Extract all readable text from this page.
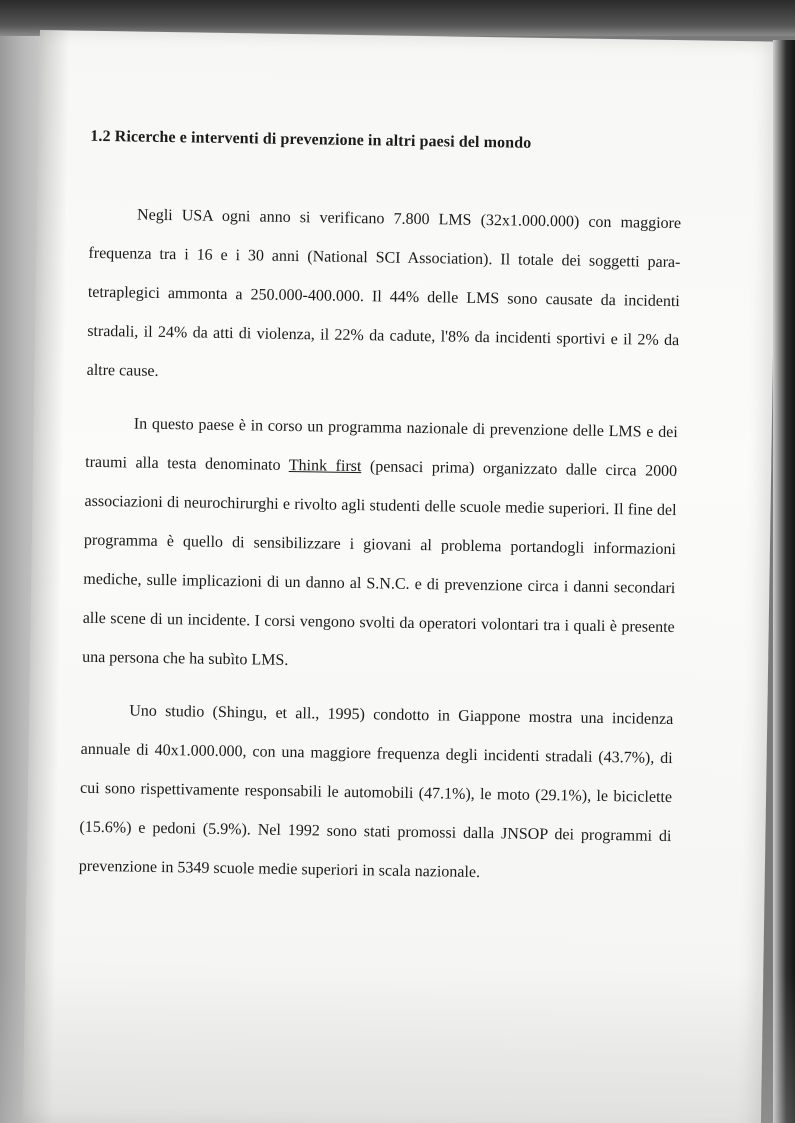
1.2 Ricerche e interventi di prevenzione in altri paesi del mondo

Negli USA ogni anno si verificano 7.800 LMS (32x1.000.000) con maggiore frequenza tra i 16 e i 30 anni (National SCI Association). Il totale dei soggetti para-tetraplegici ammonta a 250.000-400.000. Il 44% delle LMS sono causate da incidenti stradali, il 24% da atti di violenza, il 22% da cadute, l'8% da incidenti sportivi e il 2% da altre cause.

In questo paese è in corso un programma nazionale di prevenzione delle LMS e dei traumi alla testa denominato Think first (pensaci prima) organizzato dalle circa 2000 associazioni di neurochirurghi e rivolto agli studenti delle scuole medie superiori. Il fine del programma è quello di sensibilizzare i giovani al problema portandogli informazioni mediche, sulle implicazioni di un danno al S.N.C. e di prevenzione circa i danni secondari alle scene di un incidente. I corsi vengono svolti da operatori volontari tra i quali è presente una persona che ha subìto LMS.

Uno studio (Shingu, et all., 1995) condotto in Giappone mostra una incidenza annuale di 40x1.000.000, con una maggiore frequenza degli incidenti stradali (43.7%), di cui sono rispettivamente responsabili le automobili (47.1%), le moto (29.1%), le biciclette (15.6%) e pedoni (5.9%). Nel 1992 sono stati promossi dalla JNSOP dei programmi di prevenzione in 5349 scuole medie superiori in scala nazionale.
